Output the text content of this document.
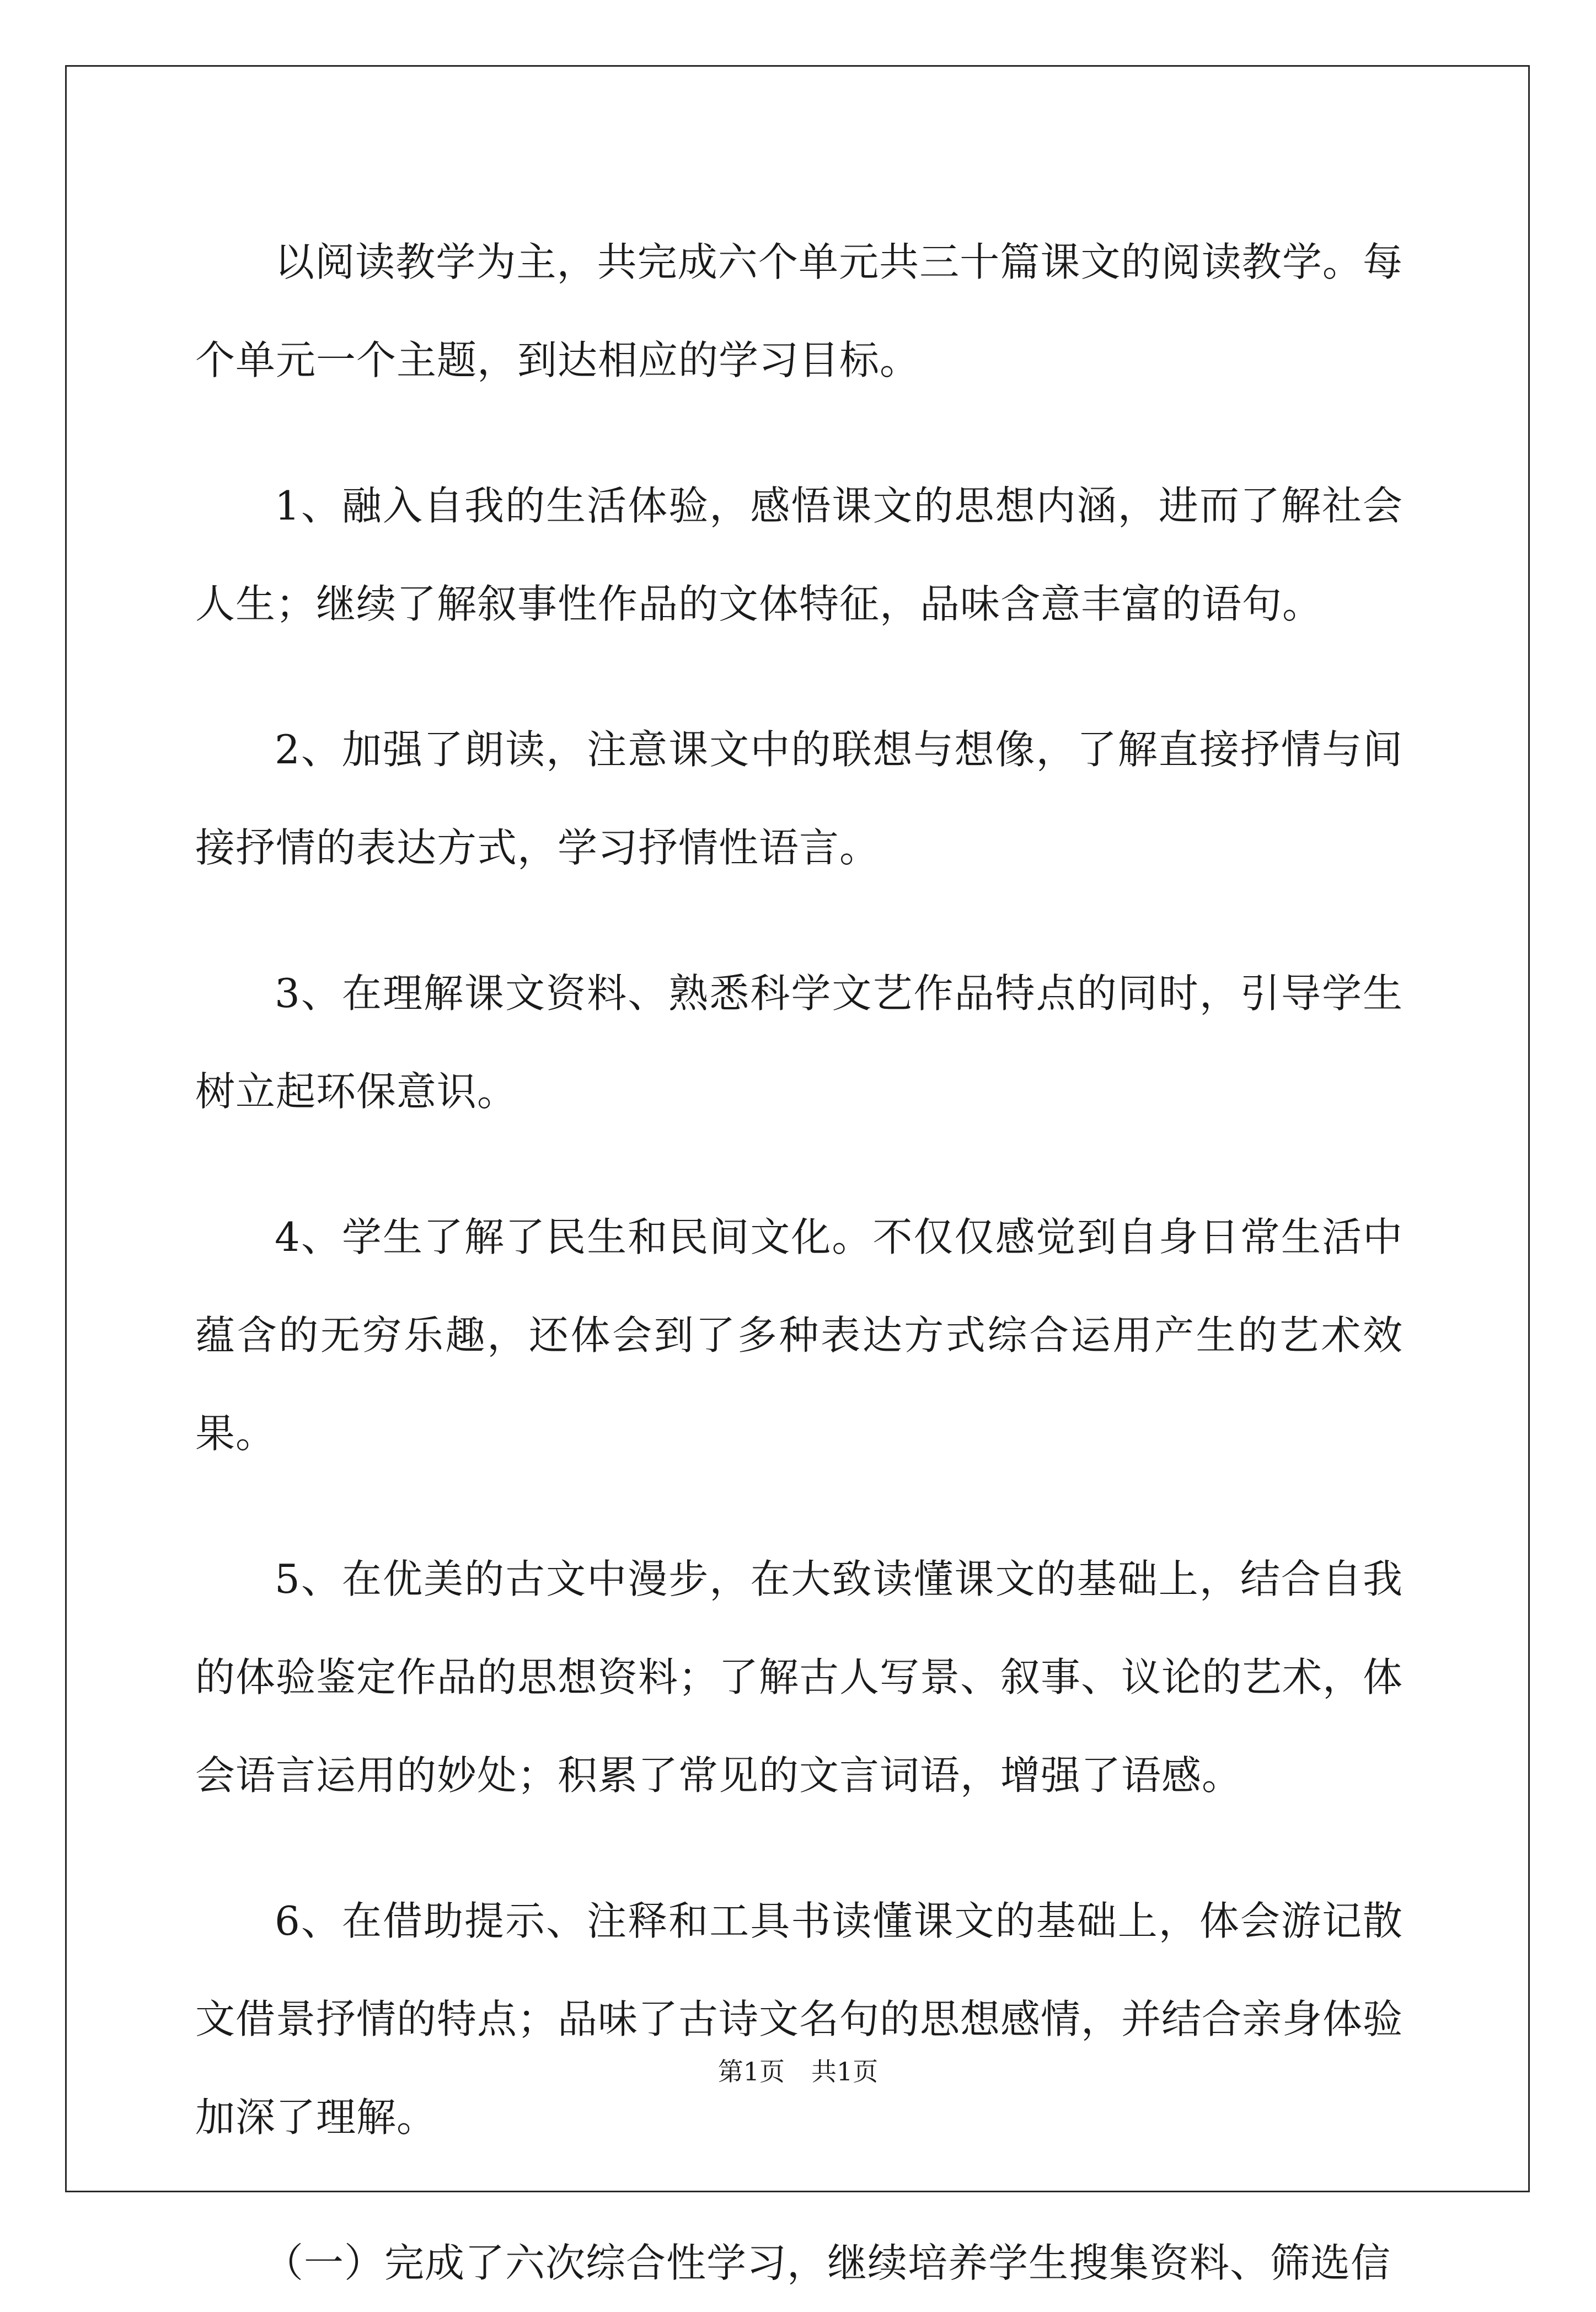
以阅读教学为主，共完成六个单元共三十篇课文的阅读教学。每个单元一个主题，到达相应的学习目标。

1、融入自我的生活体验，感悟课文的思想内涵，进而了解社会人生；继续了解叙事性作品的文体特征，品味含意丰富的语句。

2、加强了朗读，注意课文中的联想与想像，了解直接抒情与间接抒情的表达方式，学习抒情性语言。

3、在理解课文资料、熟悉科学文艺作品特点的同时，引导学生树立起环保意识。

4、学生了解了民生和民间文化。不仅仅感觉到自身日常生活中蕴含的无穷乐趣，还体会到了多种表达方式综合运用产生的艺术效果。

5、在优美的古文中漫步，在大致读懂课文的基础上，结合自我的体验鉴定作品的思想资料；了解古人写景、叙事、议论的艺术，体会语言运用的妙处；积累了常见的文言词语，增强了语感。

6、在借助提示、注释和工具书读懂课文的基础上，体会游记散文借景抒情的特点；品味了古诗文名句的思想感情，并结合亲身体验加深了理解。

（一）完成了六次综合性学习，继续培养学生搜集资料、筛选信

第1页 共1页
